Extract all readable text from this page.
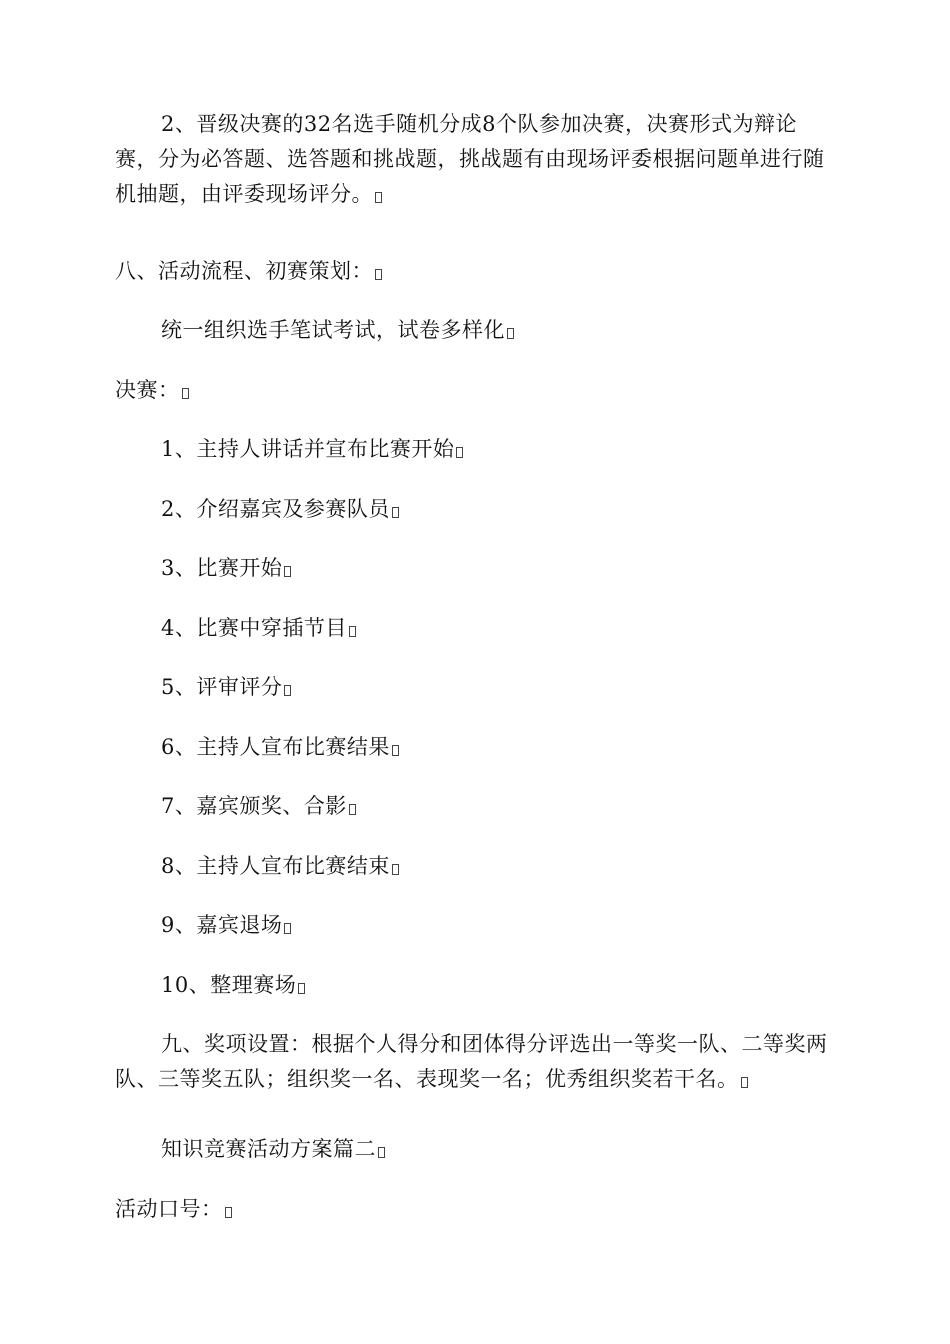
2、晋级决赛的32名选手随机分成8个队参加决赛，决赛形式为辩论赛，分为必答题、选答题和挑战题，挑战题有由现场评委根据问题单进行随机抽题，由评委现场评分。

八、活动流程、初赛策划：

统一组织选手笔试考试，试卷多样化

决赛：

1、主持人讲话并宣布比赛开始

2、介绍嘉宾及参赛队员

3、比赛开始

4、比赛中穿插节目

5、评审评分

6、主持人宣布比赛结果

7、嘉宾颁奖、合影

8、主持人宣布比赛结束

9、嘉宾退场

10、整理赛场

九、奖项设置：根据个人得分和团体得分评选出一等奖一队、二等奖两队、三等奖五队；组织奖一名、表现奖一名；优秀组织奖若干名。

知识竞赛活动方案篇二

活动口号：
